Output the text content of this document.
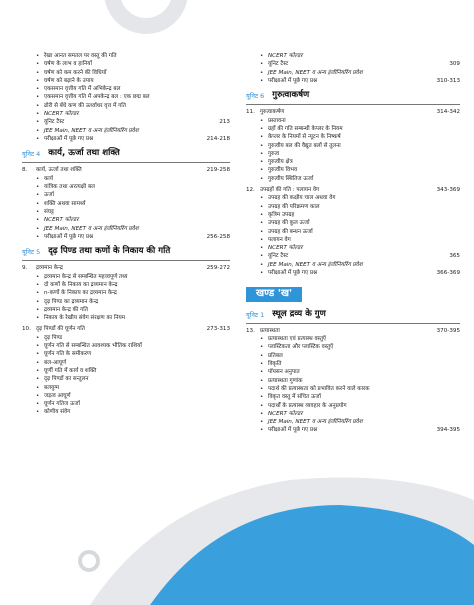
• रेखा आनत समतल पर वस्तु की गति
• घर्षण के लाभ व हानियाँ
• घर्षण को कम करने की विधियाँ
• घर्षण को बढ़ाने के उपाय
• एकसमान वृत्तीय गति में अभिकेन्द्र बल
• एकसमान वृत्तीय गति में अपकेन्द्र बल : एक छद्म बल
• ढोरी से बँधे कण की ऊर्ध्वाधर वृत्त में गति
• NCERT फोल्डर
• यूनिट टैस्ट	213
• JEE Main, NEET व अन्य इंजीनियरिंग प्रवेश
• परीक्षाओं में पूछे गए प्रश्न	214-218
यूनिट 4 कार्य, ऊर्जा तथा शक्ति
8.	कार्य, ऊर्जा तथा शक्ति	219-258
• कार्य
• यांत्रिक तथा अरत्यक्षी बल
• ऊर्जा
• शक्ति अथवा सामर्थ्य
• संघट्ट
• NCERT फोल्डर
• JEE Main, NEET व अन्य इंजीनियरिंग प्रवेश
• परीक्षाओं में पूछे गए प्रश्न	256-258
यूनिट 5 दृढ़ पिण्ड तथा कणों के निकाय की गति
9.	द्रव्यमान केन्द्र	259-272
• द्रव्यमान केन्द्र से सम्बन्धित महत्त्वपूर्ण तथ्य
• दो कणों के निकाय का द्रव्यमान केन्द्र
• n-कणों के निकाय का द्रव्यमान केन्द्र
• दृढ़ पिण्ड का द्रव्यमान केन्द्र
• द्रव्यमान केन्द्र की गति
• निकाय के रेखीय संवेग संरक्षण का नियम
10. दृढ़ पिण्डों की घूर्णन गति	273-313
• दृढ़ पिण्ड
• घूर्णन गति से सम्बन्धित आवश्यक भौतिक राशियाँ
• घूर्णन गति के समीकरण
• बल-आघूर्ण
• घूर्णी गति में कार्य व शक्ति
• दृढ़ पिण्डों का सन्तुलन
• बलयुग्म
• जड़त्व आघूर्ण
• घूर्णन गतिज ऊर्जा
• कोणीय संवेग
• NCERT फोल्डर
• यूनिट टैस्ट	309
• JEE Main, NEET व अन्य इंजीनियरिंग प्रवेश
• परीक्षाओं में पूछे गए प्रश्न	310-313
यूनिट 6 गुरुत्वाकर्षण
11. गुरुत्वाकर्षण	314-342
• प्रस्तावना
• ग्रहों की गति सम्बन्धी केप्लर के नियम
• केप्लर के नियमों से न्यूटन के निष्कर्ष
• गुरुत्वीय बल की वैद्युत बलों से तुलना
• गुरुत्व
• गुरुत्वीय क्षेत्र
• गुरुत्वीय विभव
• गुरुत्वीय स्थितिज ऊर्जा
12. उपग्रहों की गति : पलायन वेग	343-369
• उपग्रह की कक्षीय चाल अथवा वेग
• उपग्रह की परिक्रमण काल
• कृत्रिम उपग्रह
• उपग्रह की कुल ऊर्जा
• उपग्रह की बन्धन ऊर्जा
• पलायन वेग
• NCERT फोल्डर
• यूनिट टैस्ट	365
• JEE Main, NEET व अन्य इंजीनियरिंग प्रवेश
• परीक्षाओं में पूछे गए प्रश्न	366-369
खण्ड 'ख'
यूनिट 1 स्थूल द्रव्य के गुण
13. प्रत्यास्थता	370-395
• प्रत्यास्थता एवं प्रत्यास्थ वस्तुएँ
• प्लास्टिकता और प्लास्टिक वस्तुएँ
• प्रतिबल
• विकृति
• पॉयसन अनुपात
• प्रत्यास्थता गुणांक
• पदार्थ की प्रत्यास्थता को प्रभावित करने वाले कारक
• विकृत वस्तु में संचित ऊर्जा
• पदार्थों के प्रत्यास्थ व्यवहार के अनुप्रयोग
• NCERT फोल्डर
• JEE Main, NEET व अन्य इंजीनियरिंग प्रवेश
• परीक्षाओं में पूछे गए प्रश्न	394-395
